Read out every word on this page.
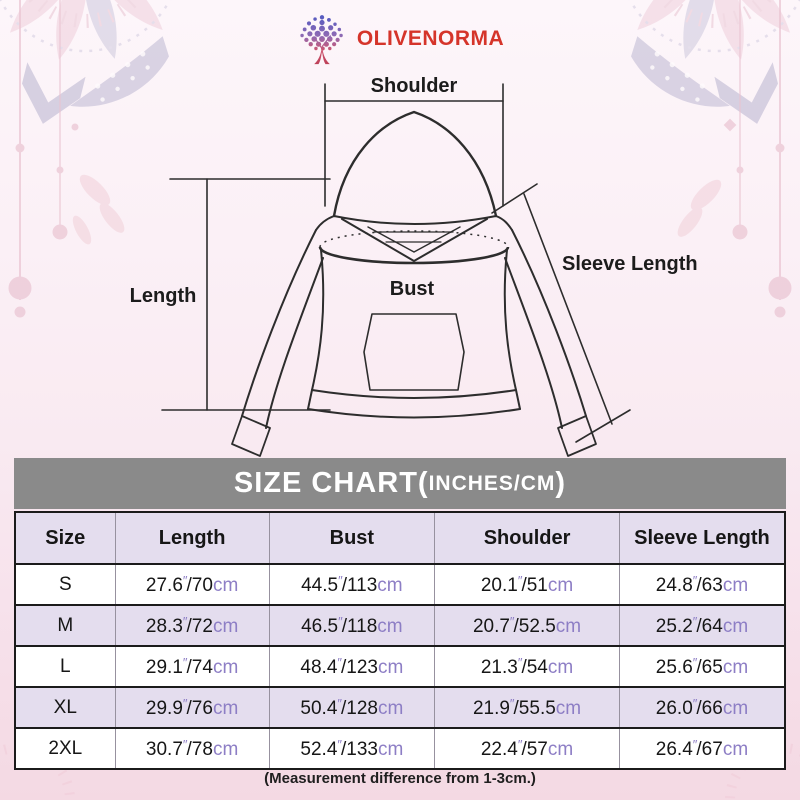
OLIVENORMA
Shoulder
Length	Bust
Sleeve Length
SIZE CHART( INCHES/CM )
Size	Length	Bust	Shoulder	Sleeve Length
S	27.6″/70cm	44.5″/113cm	20.1″/51cm	24.8″/63cm
M	28.3″/72cm	46.5″/118cm	20.7″/52.5cm	25.2″/64cm
L	29.1″/74cm	48.4″/123cm	21.3″/54cm	25.6″/65cm
XL	29.9″/76cm	50.4″/128cm	21.9″/55.5cm	26.0″/66cm
2XL	30.7″/78cm	52.4″/133cm	22.4″/57cm	26.4″/67cm
(Measurement difference from 1-3cm.)
